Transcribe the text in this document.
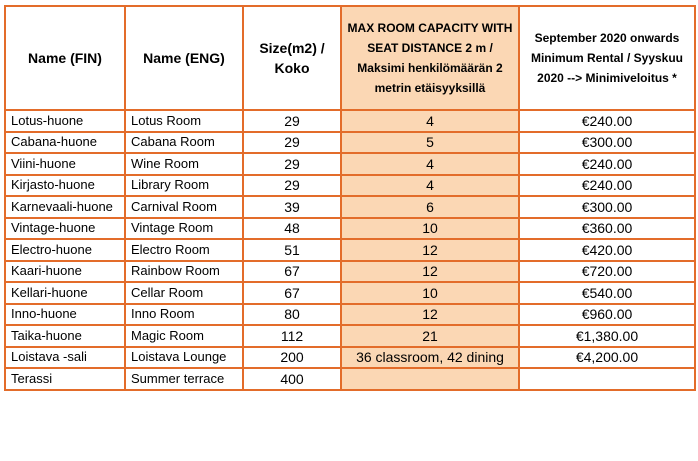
Name (FIN)	Name (ENG)	Size(m2) / Koko	MAX ROOM CAPACITY WITH SEAT DISTANCE 2 m / Maksimi henkilömäärän 2 metrin etäisyyksillä	September 2020 onwards Minimum Rental / Syyskuu 2020 --> Minimiveloitus *
Lotus-huone	Lotus Room	29	4	€240.00
Cabana-huone	Cabana Room	29	5	€300.00
Viini-huone	Wine Room	29	4	€240.00
Kirjasto-huone	Library Room	29	4	€240.00
Karnevaali-huone	Carnival Room	39	6	€300.00
Vintage-huone	Vintage Room	48	10	€360.00
Electro-huone	Electro Room	51	12	€420.00
Kaari-huone	Rainbow Room	67	12	€720.00
Kellari-huone	Cellar Room	67	10	€540.00
Inno-huone	Inno Room	80	12	€960.00
Taika-huone	Magic Room	112	21	€1,380.00
Loistava -sali	Loistava Lounge	200	36 classroom, 42 dining	€4,200.00
Terassi	Summer terrace	400		
